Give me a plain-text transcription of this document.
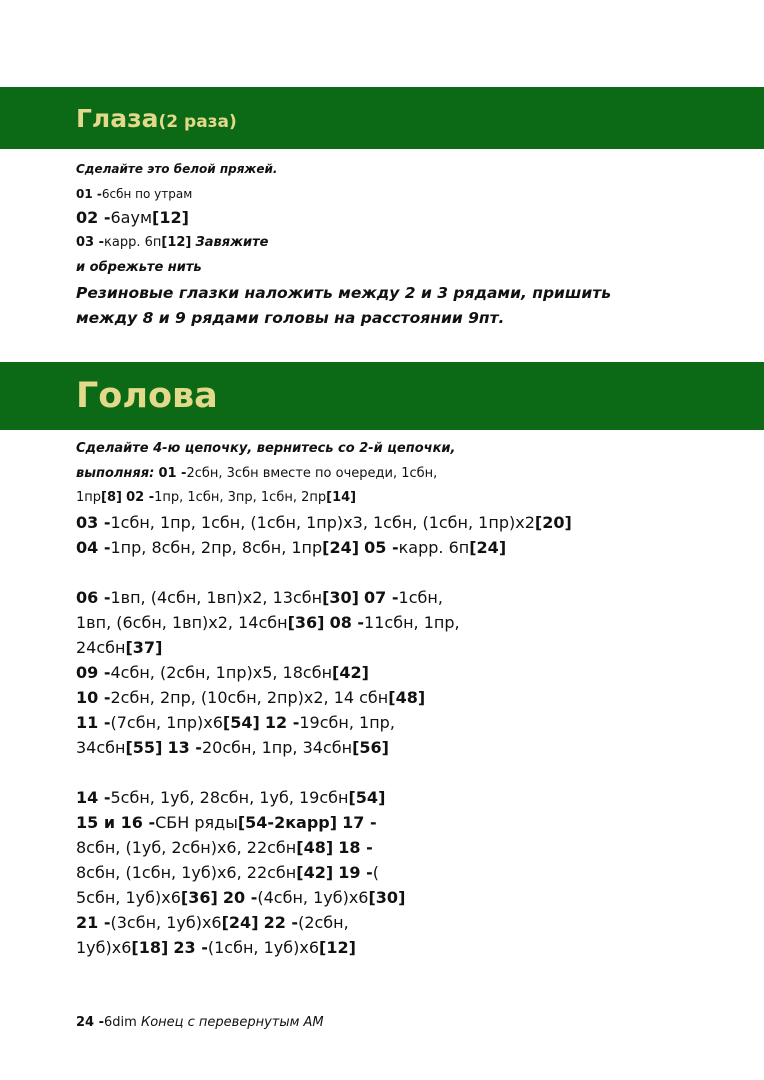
Глаза(2 раза)
Сделайте это белой пряжей.
01 -6сбн по утрам
02 -6аум[12]
03 -карр. 6п[12] Завяжите
и обрежьте нить
Резиновые глазки наложить между 2 и 3 рядами, пришить
между 8 и 9 рядами головы на расстоянии 9пт.
Голова
Сделайте 4-ю цепочку, вернитесь со 2-й цепочки,
выполняя: 01 -2сбн, 3сбн вместе по очереди, 1сбн,
1пр[8] 02 -1пр, 1сбн, 3пр, 1сбн, 2пр[14]
03 -1сбн, 1пр, 1сбн, (1сбн, 1пр)х3, 1сбн, (1сбн, 1пр)х2[20]
04 -1пр, 8сбн, 2пр, 8сбн, 1пр[24] 05 -карр. 6п[24]
06 -1вп, (4сбн, 1вп)х2, 13сбн[30] 07 -1сбн,
1вп, (6сбн, 1вп)х2, 14сбн[36] 08 -11сбн, 1пр,
24сбн[37]
09 -4сбн, (2сбн, 1пр)х5, 18сбн[42]
10 -2сбн, 2пр, (10сбн, 2пр)х2, 14 сбн[48]
11 -(7сбн, 1пр)х6[54] 12 -19сбн, 1пр,
34сбн[55] 13 -20сбн, 1пр, 34сбн[56]
14 -5сбн, 1уб, 28сбн, 1уб, 19сбн[54]
15 и 16 -СБН ряды[54-2карр] 17 -
8сбн, (1уб, 2сбн)х6, 22сбн[48] 18 -
8сбн, (1сбн, 1уб)х6, 22сбн[42] 19 -(
5сбн, 1уб)х6[36] 20 -(4сбн, 1уб)х6[30]
21 -(3сбн, 1уб)х6[24] 22 -(2сбн,
1уб)х6[18] 23 -(1сбн, 1уб)х6[12]
24 -6dim Конец с перевернутым АМ
